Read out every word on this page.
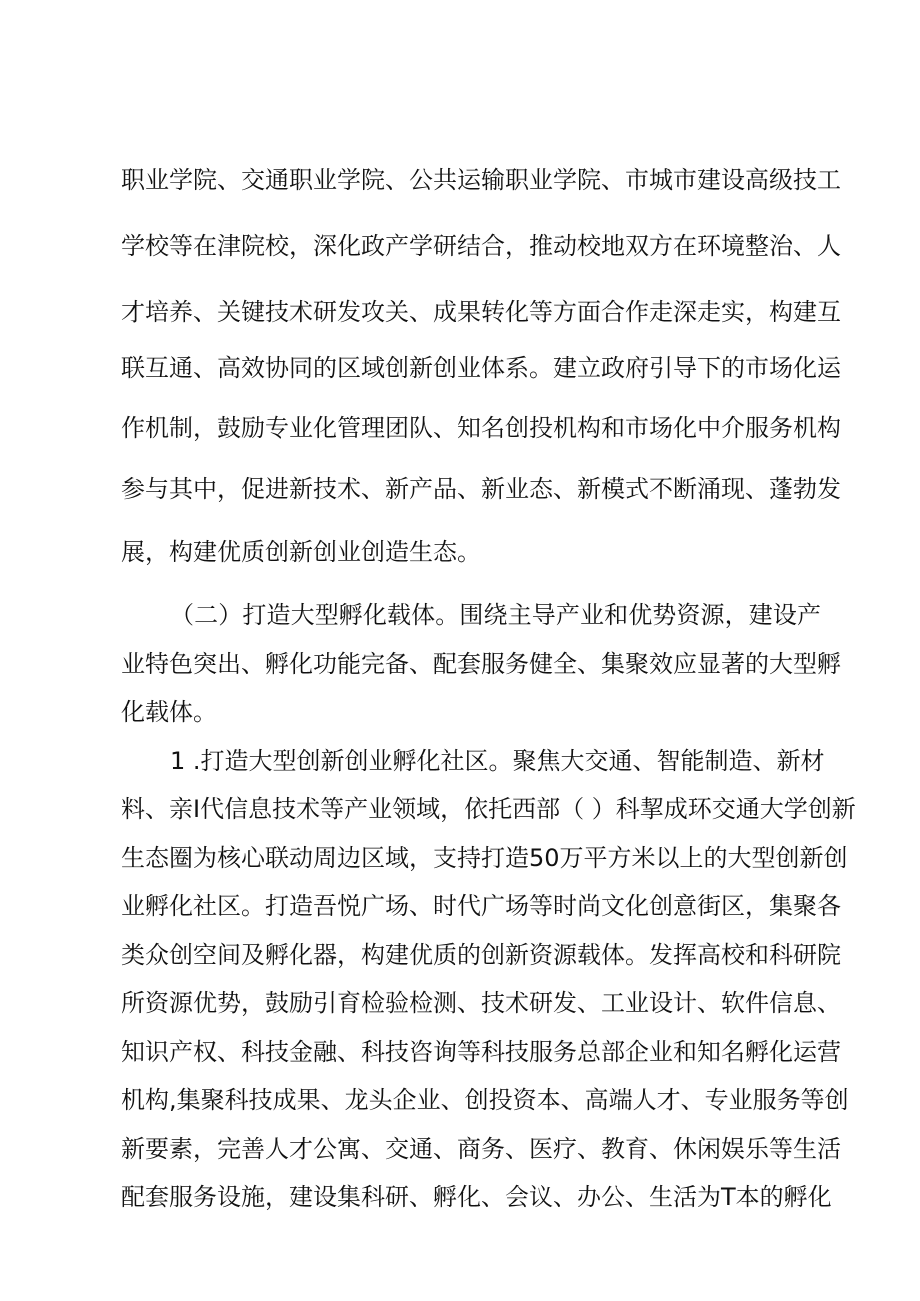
职业学院、交通职业学院、公共运输职业学院、市城市建设高级技工
学校等在津院校，深化政产学研结合，推动校地双方在环境整治、人
才培养、关键技术研发攻关、成果转化等方面合作走深走实，构建互
联互通、高效协同的区域创新创业体系。建立政府引导下的市场化运
作机制，鼓励专业化管理团队、知名创投机构和市场化中介服务机构
参与其中，促进新技术、新产品、新业态、新模式不断涌现、蓬勃发
展，构建优质创新创业创造生态。
（二）打造大型孵化载体。围绕主导产业和优势资源，建设产
业特色突出、孵化功能完备、配套服务健全、集聚效应显著的大型孵
化载体。
1 .打造大型创新创业孵化社区。聚焦大交通、智能制造、新材
料、亲I代信息技术等产业领域，依托西部（ ）科挈成环交通大学创新
生态圈为核心联动周边区域，支持打造50万平方米以上的大型创新创
业孵化社区。打造吾悦广场、时代广场等时尚文化创意街区，集聚各
类众创空间及孵化器，构建优质的创新资源载体。发挥高校和科研院
所资源优势，鼓励引育检验检测、技术研发、工业设计、软件信息、
知识产权、科技金融、科技咨询等科技服务总部企业和知名孵化运营
机构,集聚科技成果、龙头企业、创投资本、高端人才、专业服务等创
新要素，完善人才公寓、交通、商务、医疗、教育、休闲娱乐等生活
配套服务设施，建设集科研、孵化、会议、办公、生活为T本的孵化
